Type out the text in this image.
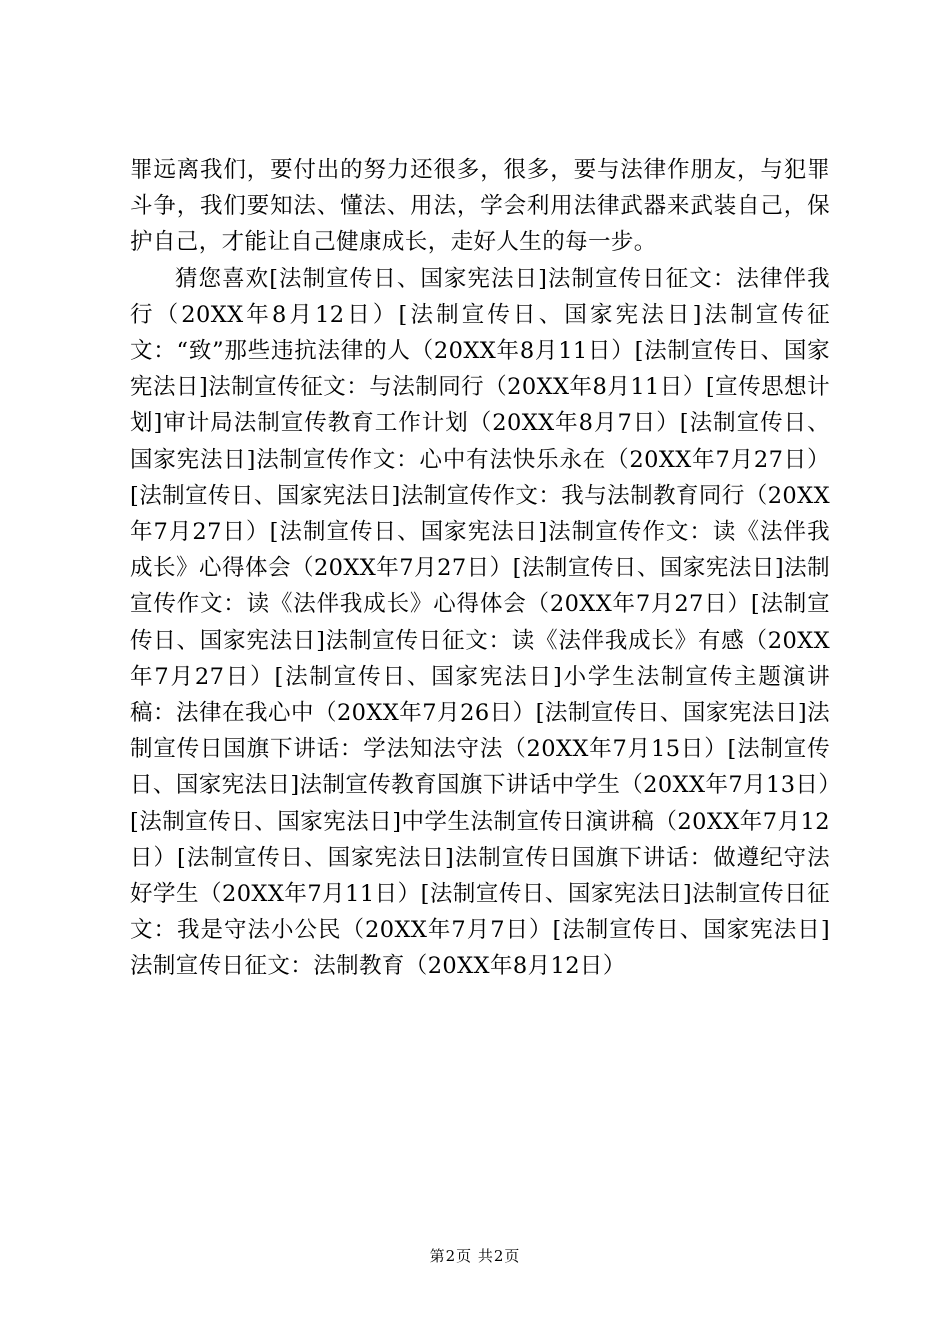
罪远离我们，要付出的努力还很多，很多，要与法律作朋友，与犯罪斗争，我们要知法、懂法、用法，学会利用法律武器来武装自己，保护自己，才能让自己健康成长，走好人生的每一步。

猜您喜欢[法制宣传日、国家宪法日]法制宣传日征文：法律伴我行（20XX年8月12日）[法制宣传日、国家宪法日]法制宣传征文：“致”那些违抗法律的人（20XX年8月11日）[法制宣传日、国家宪法日]法制宣传征文：与法制同行（20XX年8月11日）[宣传思想计划]审计局法制宣传教育工作计划（20XX年8月7日）[法制宣传日、国家宪法日]法制宣传作文：心中有法快乐永在（20XX年7月27日）[法制宣传日、国家宪法日]法制宣传作文：我与法制教育同行（20XX年7月27日）[法制宣传日、国家宪法日]法制宣传作文：读《法伴我成长》心得体会（20XX年7月27日）[法制宣传日、国家宪法日]法制宣传作文：读《法伴我成长》心得体会（20XX年7月27日）[法制宣传日、国家宪法日]法制宣传日征文：读《法伴我成长》有感（20XX年7月27日）[法制宣传日、国家宪法日]小学生法制宣传主题演讲稿：法律在我心中（20XX年7月26日）[法制宣传日、国家宪法日]法制宣传日国旗下讲话：学法知法守法（20XX年7月15日）[法制宣传日、国家宪法日]法制宣传教育国旗下讲话中学生（20XX年7月13日）[法制宣传日、国家宪法日]中学生法制宣传日演讲稿（20XX年7月12日）[法制宣传日、国家宪法日]法制宣传日国旗下讲话：做遵纪守法好学生（20XX年7月11日）[法制宣传日、国家宪法日]法制宣传日征文：我是守法小公民（20XX年7月7日）[法制宣传日、国家宪法日]法制宣传日征文：法制教育（20XX年8月12日）

第2页 共2页
